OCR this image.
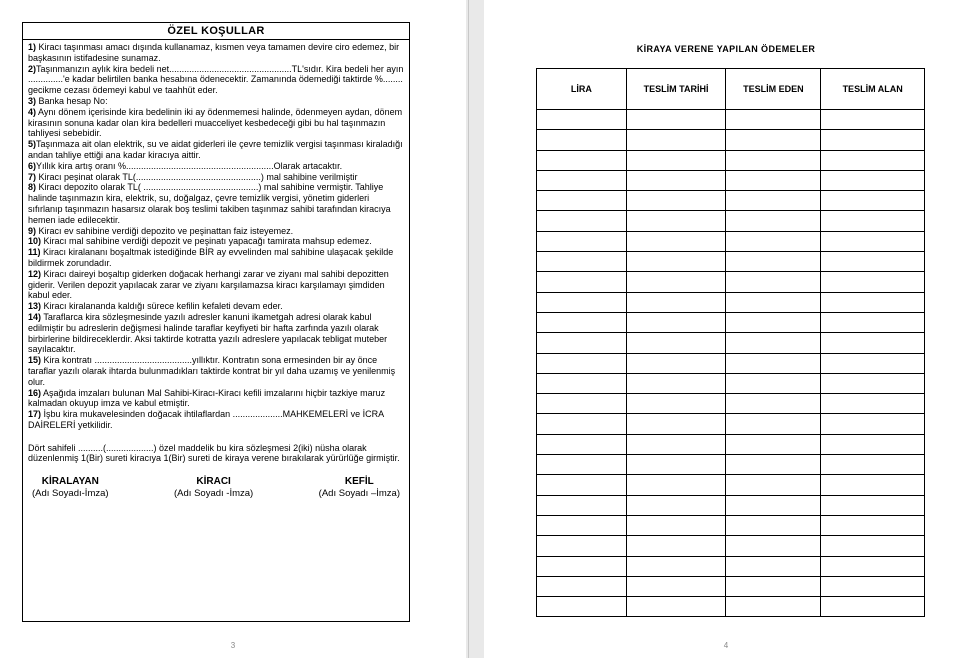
ÖZEL KOŞULLAR

1) Kiracı taşınması amacı dışında kullanamaz, kısmen veya tamamen devire ciro edemez, bir başkasının istifadesine sunamaz.

2)Taşınmanızın aylık kira bedeli net.................................................TL'sıdır. Kira bedeli her ayın ..............'e kadar belirtilen banka hesabına ödenecektir. Zamanında ödemediği taktirde %........ gecikme cezası ödemeyi kabul ve taahhüt eder.

3) Banka hesap No:

4) Aynı dönem içerisinde kira bedelinin iki ay ödenmemesi halinde, ödenmeyen aydan, dönem kirasının sonuna kadar olan kira bedelleri muacceliyet kesbedeceği gibi bu hal taşınmazın tahliyesi sebebidir.

5)Taşınmaza ait olan elektrik, su ve aidat giderleri ile çevre temizlik vergisi taşınması kiraladığı andan tahliye ettiği ana kadar kiracıya aittir.

6)Yıllık kira artış oranı %...........................................................Olarak artacaktır.

7) Kiracı peşinat olarak TL(..................................................) mal sahibine verilmiştir

8) Kiracı depozito olarak TL( ..............................................) mal sahibine vermiştir. Tahliye halinde taşınmazın kira, elektrik, su, doğalgaz, çevre temizlik vergisi, yönetim giderleri sıfırlanıp taşınmazın hasarsız olarak boş teslimi takiben taşınmaz sahibi tarafından kiracıya hemen iade edilecektir.

9) Kiracı ev sahibine verdiği depozito ve peşinattan faiz isteyemez.

10) Kiracı mal sahibine verdiği depozit ve peşinatı yapacağı tamirata mahsup edemez.

11) Kiracı kiralananı boşaltmak istediğinde BİR ay evvelinden mal sahibine ulaşacak şekilde bildirmek zorundadır.

12) Kiracı daireyi boşaltıp giderken doğacak herhangi zarar ve ziyanı mal sahibi depozitten giderir. Verilen depozit yapılacak zarar ve ziyanı karşılamazsa kiracı karşılamayı şimdiden kabul eder.

13) Kiracı kiralananda kaldığı sürece kefilin kefaleti devam eder.

14) Taraflarca kira sözleşmesinde yazılı adresler kanuni ikametgah adresi olarak kabul edilmiştir bu adreslerin değişmesi halinde taraflar keyfiyeti bir hafta zarfında yazılı olarak birbirlerine bildireceklerdir. Aksi taktirde kotratta yazılı adreslere yapılacak tebligat muteber sayılacaktır.

15) Kira kontratı .......................................yıllıktır. Kontratın sona ermesinden bir ay önce taraflar yazılı olarak ihtarda bulunmadıkları taktirde kontrat bir yıl daha uzamış ve yenilenmiş olur.

16) Aşağıda imzaları bulunan Mal Sahibi-Kiracı-Kiracı kefili imzalarını hiçbir tazkiye maruz kalmadan okuyup imza ve kabul etmiştir.

17) İşbu kira mukavelesinden doğacak ihtilaflardan ....................MAHKEMELERİ ve İCRA DAİRELERİ yetkilidir.

Dört sahifeli ..........(...................) özel maddelik bu kira sözleşmesi 2(iki) nüsha olarak düzenlenmiş 1(Bir) sureti kiracıya 1(Bir) sureti de kiraya verene bırakılarak yürürlüğe girmiştir.

KİRALAYAN
(Adı Soyadı-İmza)
KİRACI
(Adı Soyadı -İmza)
KEFİL
(Adı Soyadı –İmza)
3
KİRAYA VERENE YAPILAN ÖDEMELER
LİRA	TESLİM TARİHİ	TESLİM EDEN	TESLİM ALAN

4
